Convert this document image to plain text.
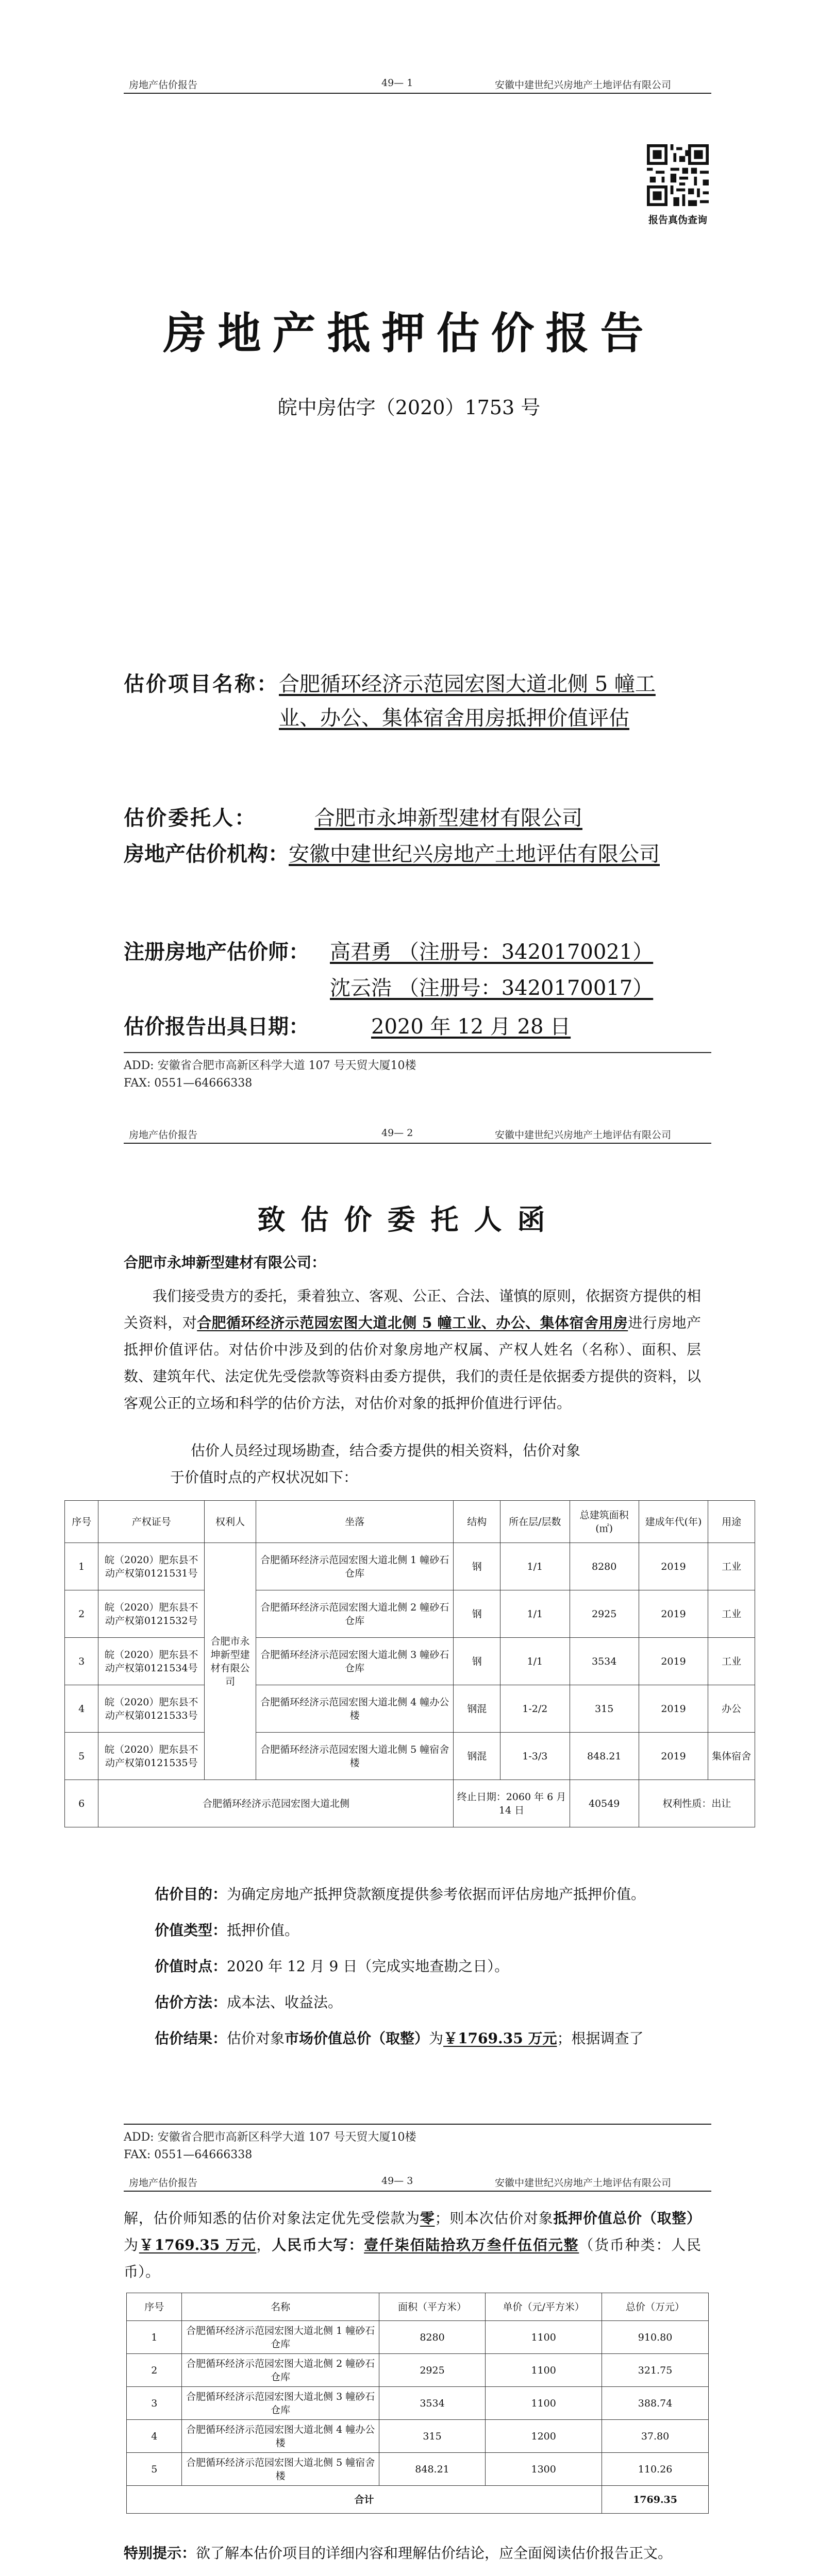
房地产估价报告	49— 1	安徽中建世纪兴房地产土地评估有限公司
报告真伪查询
房地产抵押估价报告
皖中房估字（2020）1753 号
估价项目名称： 合肥循环经济示范园宏图大道北侧 5 幢工业、办公、集体宿舍用房抵押价值评估
估价委托人：	合肥市永坤新型建材有限公司
房地产估价机构：安徽中建世纪兴房地产土地评估有限公司
注册房地产估价师：	高君勇 （注册号：3420170021）
沈云浩 （注册号：3420170017）
估价报告出具日期：	2020 年 12 月 28 日
ADD: 安徽省合肥市高新区科学大道 107 号天贸大厦10楼
FAX: 0551—64666338
房地产估价报告	49— 2	安徽中建世纪兴房地产土地评估有限公司
致估价委托人函
合肥市永坤新型建材有限公司：
我们接受贵方的委托，秉着独立、客观、公正、合法、谨慎的原则，依据资方提供的相关资料，对合肥循环经济示范园宏图大道北侧 5 幢工业、办公、集体宿舍用房进行房地产抵押价值评估。对估价中涉及到的估价对象房地产权属、产权人姓名（名称）、面积、层数、建筑年代、法定优先受偿款等资料由委方提供，我们的责任是依据委方提供的资料，以客观公正的立场和科学的估价方法，对估价对象的抵押价值进行评估。
估价人员经过现场勘查，结合委方提供的相关资料，估价对象
于价值时点的产权状况如下：
序号	产权证号	权利人	坐落	结构	所在层/层数	总建筑面积(㎡)	建成年代(年)	用途
1	皖（2020）肥东县不动产权第0121531号	合肥市永坤新型建材有限公司	合肥循环经济示范园宏图大道北侧 1 幢砂石仓库	钢	1/1	8280	2019	工业
2	皖（2020）肥东县不动产权第0121532号		合肥循环经济示范园宏图大道北侧 2 幢砂石仓库	钢	1/1	2925	2019	工业
3	皖（2020）肥东县不动产权第0121534号		合肥循环经济示范园宏图大道北侧 3 幢砂石仓库	钢	1/1	3534	2019	工业
4	皖（2020）肥东县不动产权第0121533号		合肥循环经济示范园宏图大道北侧 4 幢办公楼	钢混	1-2/2	315	2019	办公
5	皖（2020）肥东县不动产权第0121535号		合肥循环经济示范园宏图大道北侧 5 幢宿舍楼	钢混	1-3/3	848.21	2019	集体宿舍
6	合肥循环经济示范园宏图大道北侧			终止日期：2060 年 6 月 14 日		40549	权利性质：出让	
估价目的：为确定房地产抵押贷款额度提供参考依据而评估房地产抵押价值。
价值类型：抵押价值。
价值时点：2020 年 12 月 9 日（完成实地查勘之日）。
估价方法：成本法、收益法。
估价结果：估价对象市场价值总价（取整）为￥1769.35 万元；根据调查了
ADD: 安徽省合肥市高新区科学大道 107 号天贸大厦10楼
FAX: 0551—64666338
房地产估价报告	49— 3	安徽中建世纪兴房地产土地评估有限公司
解，估价师知悉的估价对象法定优先受偿款为零；则本次估价对象抵押价值总价（取整）为￥1769.35 万元，人民币大写：壹仟柒佰陆拾玖万叁仟伍佰元整（货币种类：人民币）。
序号	名称	面积（平方米）	单价（元/平方米）	总价（万元）
1	合肥循环经济示范园宏图大道北侧 1 幢砂石仓库	8280	1100	910.80
2	合肥循环经济示范园宏图大道北侧 2 幢砂石仓库	2925	1100	321.75
3	合肥循环经济示范园宏图大道北侧 3 幢砂石仓库	3534	1100	388.74
4	合肥循环经济示范园宏图大道北侧 4 幢办公楼	315	1200	37.80
5	合肥循环经济示范园宏图大道北侧 5 幢宿舍楼	848.21	1300	110.26
合计				1769.35
特别提示：欲了解本估价项目的详细内容和理解估价结论，应全面阅读估价报告正文。
